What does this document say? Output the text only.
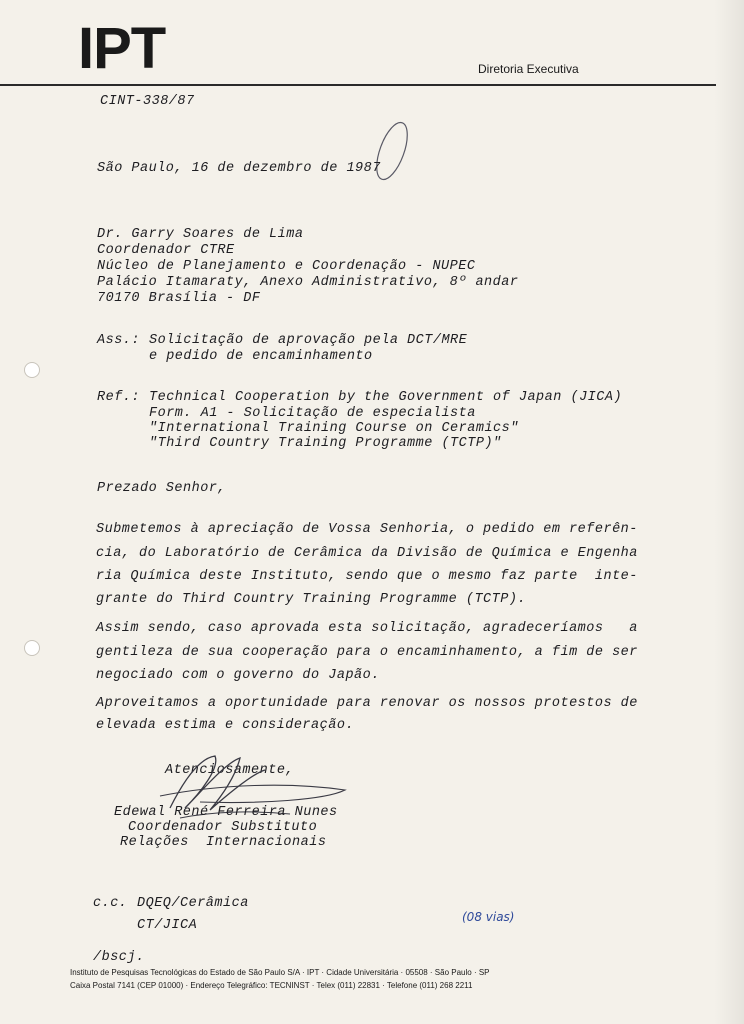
IPT	Diretoria Executiva
CINT-338/87
São Paulo, 16 de dezembro de 1987
Dr. Garry Soares de Lima
Coordenador CTRE
Núcleo de Planejamento e Coordenação - NUPEC
Palácio Itamaraty, Anexo Administrativo, 8º andar
70170 Brasília - DF
Ass.: Solicitação de aprovação pela DCT/MRE
e pedido de encaminhamento
Ref.: Technical Cooperation by the Government of Japan (JICA)
Form. A1 - Solicitação de especialista
"International Training Course on Ceramics"
"Third Country Training Programme (TCTP)"
Prezado Senhor,
Submetemos à apreciação de Vossa Senhoria, o pedido em referên-
cia, do Laboratório de Cerâmica da Divisão de Química e Engenha
ria Química deste Instituto, sendo que o mesmo faz parte  inte-
grante do Third Country Training Programme (TCTP).
Assim sendo, caso aprovada esta solicitação, agradeceríamos   a
gentileza de sua cooperação para o encaminhamento, a fim de ser
negociado com o governo do Japão.
Aproveitamos a oportunidade para renovar os nossos protestos de
elevada estima e consideração.
Atenciosamente,
Edewal René Ferreira Nunes
Coordenador Substituto
Relações  Internacionais
c.c. DQEQ/Cerâmica
CT/JICA
(08 vias)
/bscj.
Instituto de Pesquisas Tecnológicas do Estado de São Paulo S/A · IPT · Cidade Universitária · 05508 · São Paulo · SP
Caixa Postal 7141 (CEP 01000) · Endereço Telegráfico: TECNINST · Telex (011) 22831 · Telefone (011) 268 2211
